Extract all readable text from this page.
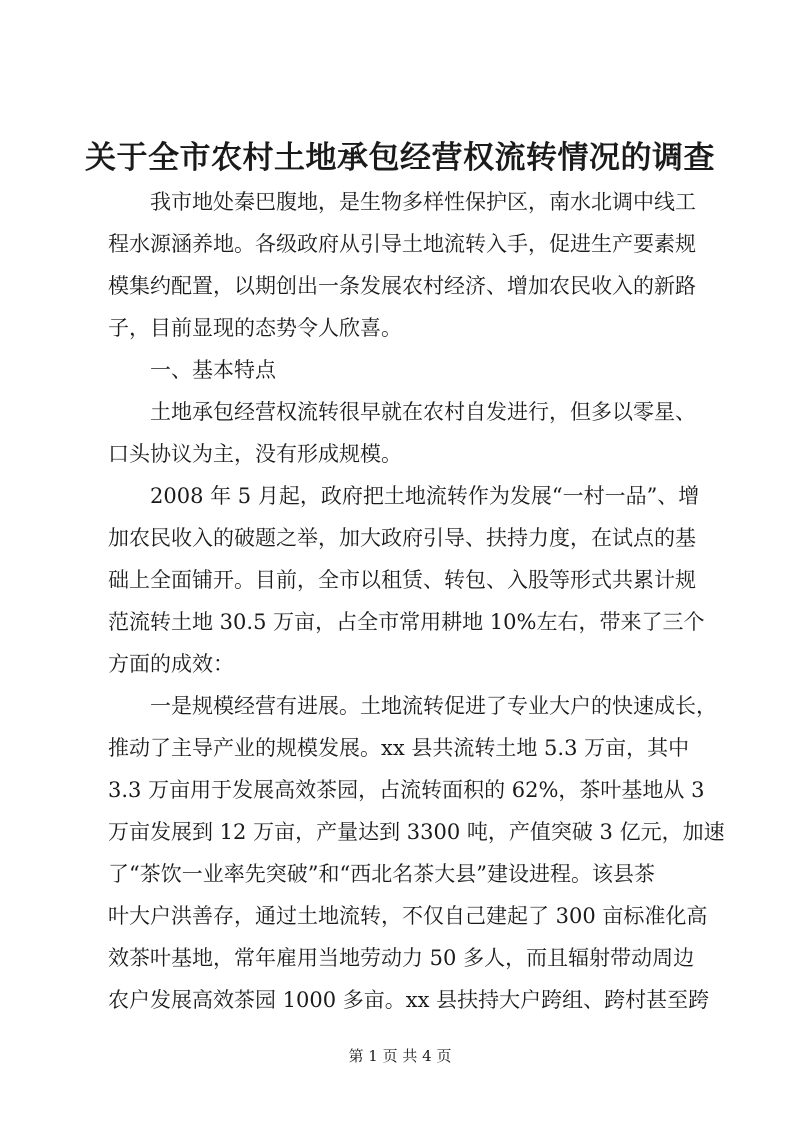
关于全市农村土地承包经营权流转情况的调查

我市地处秦巴腹地，是生物多样性保护区，南水北调中线工

程水源涵养地。各级政府从引导土地流转入手，促进生产要素规

模集约配置，以期创出一条发展农村经济、增加农民收入的新路

子，目前显现的态势令人欣喜。

一、基本特点

土地承包经营权流转很早就在农村自发进行，但多以零星、

口头协议为主，没有形成规模。

2008 年 5 月起，政府把土地流转作为发展“一村一品”、增

加农民收入的破题之举，加大政府引导、扶持力度，在试点的基

础上全面铺开。目前，全市以租赁、转包、入股等形式共累计规

范流转土地 30.5 万亩，占全市常用耕地 10%左右，带来了三个

方面的成效：

一是规模经营有进展。土地流转促进了专业大户的快速成长，

推动了主导产业的规模发展。xx 县共流转土地 5.3 万亩，其中

3.3 万亩用于发展高效茶园，占流转面积的 62%，茶叶基地从 3

万亩发展到 12 万亩，产量达到 3300 吨，产值突破 3 亿元，加速

了“茶饮一业率先突破”和“西北名茶大县”建设进程。该县茶

叶大户洪善存，通过土地流转，不仅自己建起了 300 亩标准化高

效茶叶基地，常年雇用当地劳动力 50 多人，而且辐射带动周边

农户发展高效茶园 1000 多亩。xx 县扶持大户跨组、跨村甚至跨

第 1 页 共 4 页
